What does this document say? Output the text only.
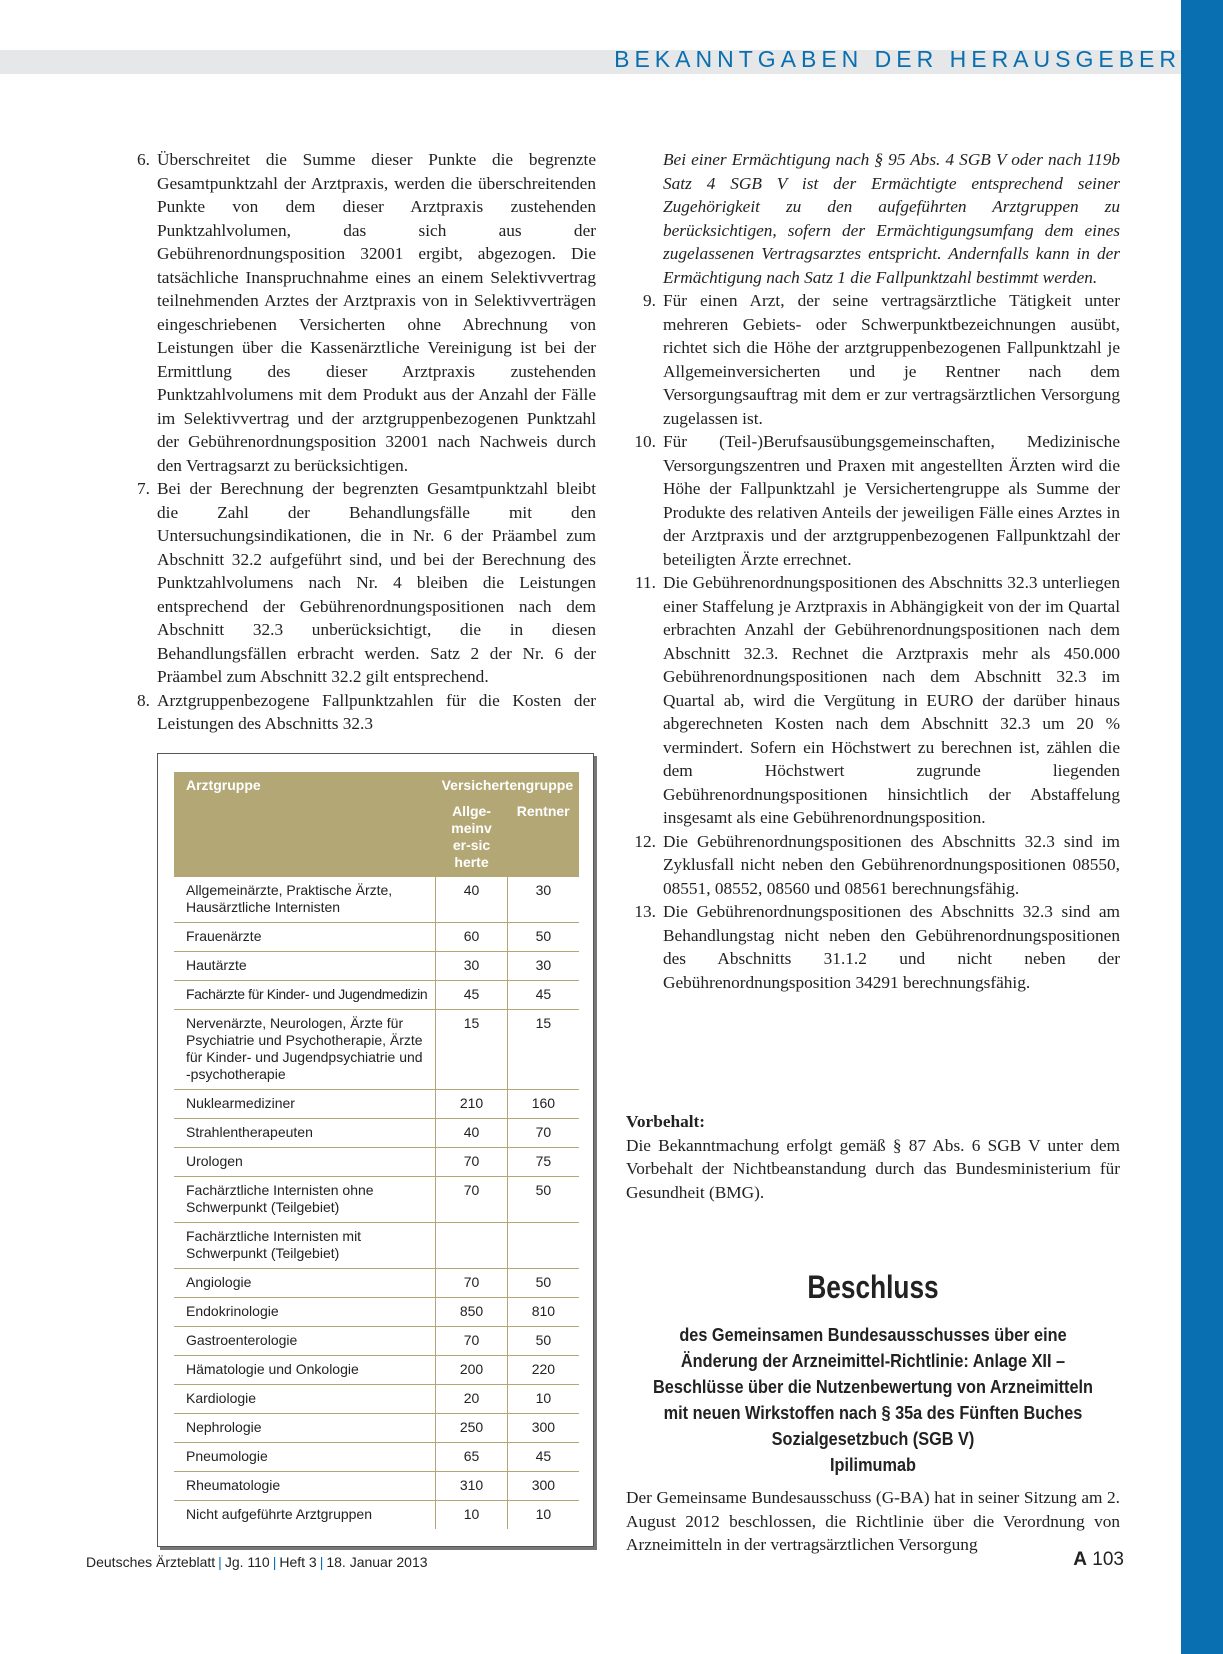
BEKANNTGABEN DER HERAUSGEBER
6. Überschreitet die Summe dieser Punkte die begrenzte Gesamtpunktzahl der Arztpraxis, werden die überschreitenden Punkte von dem dieser Arztpraxis zustehenden Punktzahlvolumen, das sich aus der Gebührenordnungsposition 32001 ergibt, abgezogen. Die tatsächliche Inanspruchnahme eines an einem Selektivvertrag teilnehmenden Arztes der Arztpraxis von in Selektivverträgen eingeschriebenen Versicherten ohne Abrechnung von Leistungen über die Kassenärztliche Vereinigung ist bei der Ermittlung des dieser Arztpraxis zustehenden Punktzahlvolumens mit dem Produkt aus der Anzahl der Fälle im Selektivvertrag und der arztgruppenbezogenen Punktzahl der Gebührenordnungsposition 32001 nach Nachweis durch den Vertragsarzt zu berücksichtigen.
7. Bei der Berechnung der begrenzten Gesamtpunktzahl bleibt die Zahl der Behandlungsfälle mit den Untersuchungsindikationen, die in Nr. 6 der Präambel zum Abschnitt 32.2 aufgeführt sind, und bei der Berechnung des Punktzahlvolumens nach Nr. 4 bleiben die Leistungen entsprechend der Gebührenordnungspositionen nach dem Abschnitt 32.3 unberücksichtigt, die in diesen Behandlungsfällen erbracht werden. Satz 2 der Nr. 6 der Präambel zum Abschnitt 32.2 gilt entsprechend.
8. Arztgruppenbezogene Fallpunktzahlen für die Kosten der Leistungen des Abschnitts 32.3
Arztgruppe	Versichertengruppe	

	Allge-meinver-sicherte	Rentner
Allgemeinärzte, Praktische Ärzte, Hausärztliche Internisten	40	30
Frauenärzte	60	50
Hautärzte	30	30
Fachärzte für Kinder- und Jugendmedizin	45	45
Nervenärzte, Neurologen, Ärzte für Psychiatrie und Psychotherapie, Ärzte für Kinder- und Jugendpsychiatrie und -psychotherapie	15	15
Nuklearmediziner	210	160
Strahlentherapeuten	40	70
Urologen	70	75
Fachärztliche Internisten ohne Schwerpunkt (Teilgebiet)	70	50
Fachärztliche Internisten mit Schwerpunkt (Teilgebiet)		
Angiologie	70	50
Endokrinologie	850	810
Gastroenterologie	70	50
Hämatologie und Onkologie	200	220
Kardiologie	20	10
Nephrologie	250	300
Pneumologie	65	45
Rheumatologie	310	300
Nicht aufgeführte Arztgruppen	10	10
Bei einer Ermächtigung nach § 95 Abs. 4 SGB V oder nach 119b Satz 4 SGB V ist der Ermächtigte entsprechend seiner Zugehörigkeit zu den aufgeführten Arztgruppen zu berücksichtigen, sofern der Ermächtigungsumfang dem eines zugelassenen Vertragsarztes entspricht. Andernfalls kann in der Ermächtigung nach Satz 1 die Fallpunktzahl bestimmt werden.
9. Für einen Arzt, der seine vertragsärztliche Tätigkeit unter mehreren Gebiets- oder Schwerpunktbezeichnungen ausübt, richtet sich die Höhe der arztgruppenbezogenen Fallpunktzahl je Allgemeinversicherten und je Rentner nach dem Versorgungsauftrag mit dem er zur vertragsärztlichen Versorgung zugelassen ist.
10. Für (Teil-)Berufsausübungsgemeinschaften, Medizinische Versorgungszentren und Praxen mit angestellten Ärzten wird die Höhe der Fallpunktzahl je Versichertengruppe als Summe der Produkte des relativen Anteils der jeweiligen Fälle eines Arztes in der Arztpraxis und der arztgruppenbezogenen Fallpunktzahl der beteiligten Ärzte errechnet.
11. Die Gebührenordnungspositionen des Abschnitts 32.3 unterliegen einer Staffelung je Arztpraxis in Abhängigkeit von der im Quartal erbrachten Anzahl der Gebührenordnungspositionen nach dem Abschnitt 32.3. Rechnet die Arztpraxis mehr als 450.000 Gebührenordnungspositionen nach dem Abschnitt 32.3 im Quartal ab, wird die Vergütung in EURO der darüber hinaus abgerechneten Kosten nach dem Abschnitt 32.3 um 20 % vermindert. Sofern ein Höchstwert zu berechnen ist, zählen die dem Höchstwert zugrunde liegenden Gebührenordnungspositionen hinsichtlich der Abstaffelung insgesamt als eine Gebührenordnungsposition.
12. Die Gebührenordnungspositionen des Abschnitts 32.3 sind im Zyklusfall nicht neben den Gebührenordnungspositionen 08550, 08551, 08552, 08560 und 08561 berechnungsfähig.
13. Die Gebührenordnungspositionen des Abschnitts 32.3 sind am Behandlungstag nicht neben den Gebührenordnungspositionen des Abschnitts 31.1.2 und nicht neben der Gebührenordnungsposition 34291 berechnungsfähig.
Vorbehalt:
Die Bekanntmachung erfolgt gemäß § 87 Abs. 6 SGB V unter dem Vorbehalt der Nichtbeanstandung durch das Bundesministerium für Gesundheit (BMG).
Beschluss
des Gemeinsamen Bundesausschusses über eine Änderung der Arzneimittel-Richtlinie: Anlage XII – Beschlüsse über die Nutzenbewertung von Arzneimitteln mit neuen Wirkstoffen nach § 35a des Fünften Buches Sozialgesetzbuch (SGB V)
Ipilimumab
Der Gemeinsame Bundesausschuss (G-BA) hat in seiner Sitzung am 2. August 2012 beschlossen, die Richtlinie über die Verordnung von Arzneimitteln in der vertragsärztlichen Versorgung
Deutsches Ärzteblatt | Jg. 110 | Heft 3 | 18. Januar 2013	A 103
